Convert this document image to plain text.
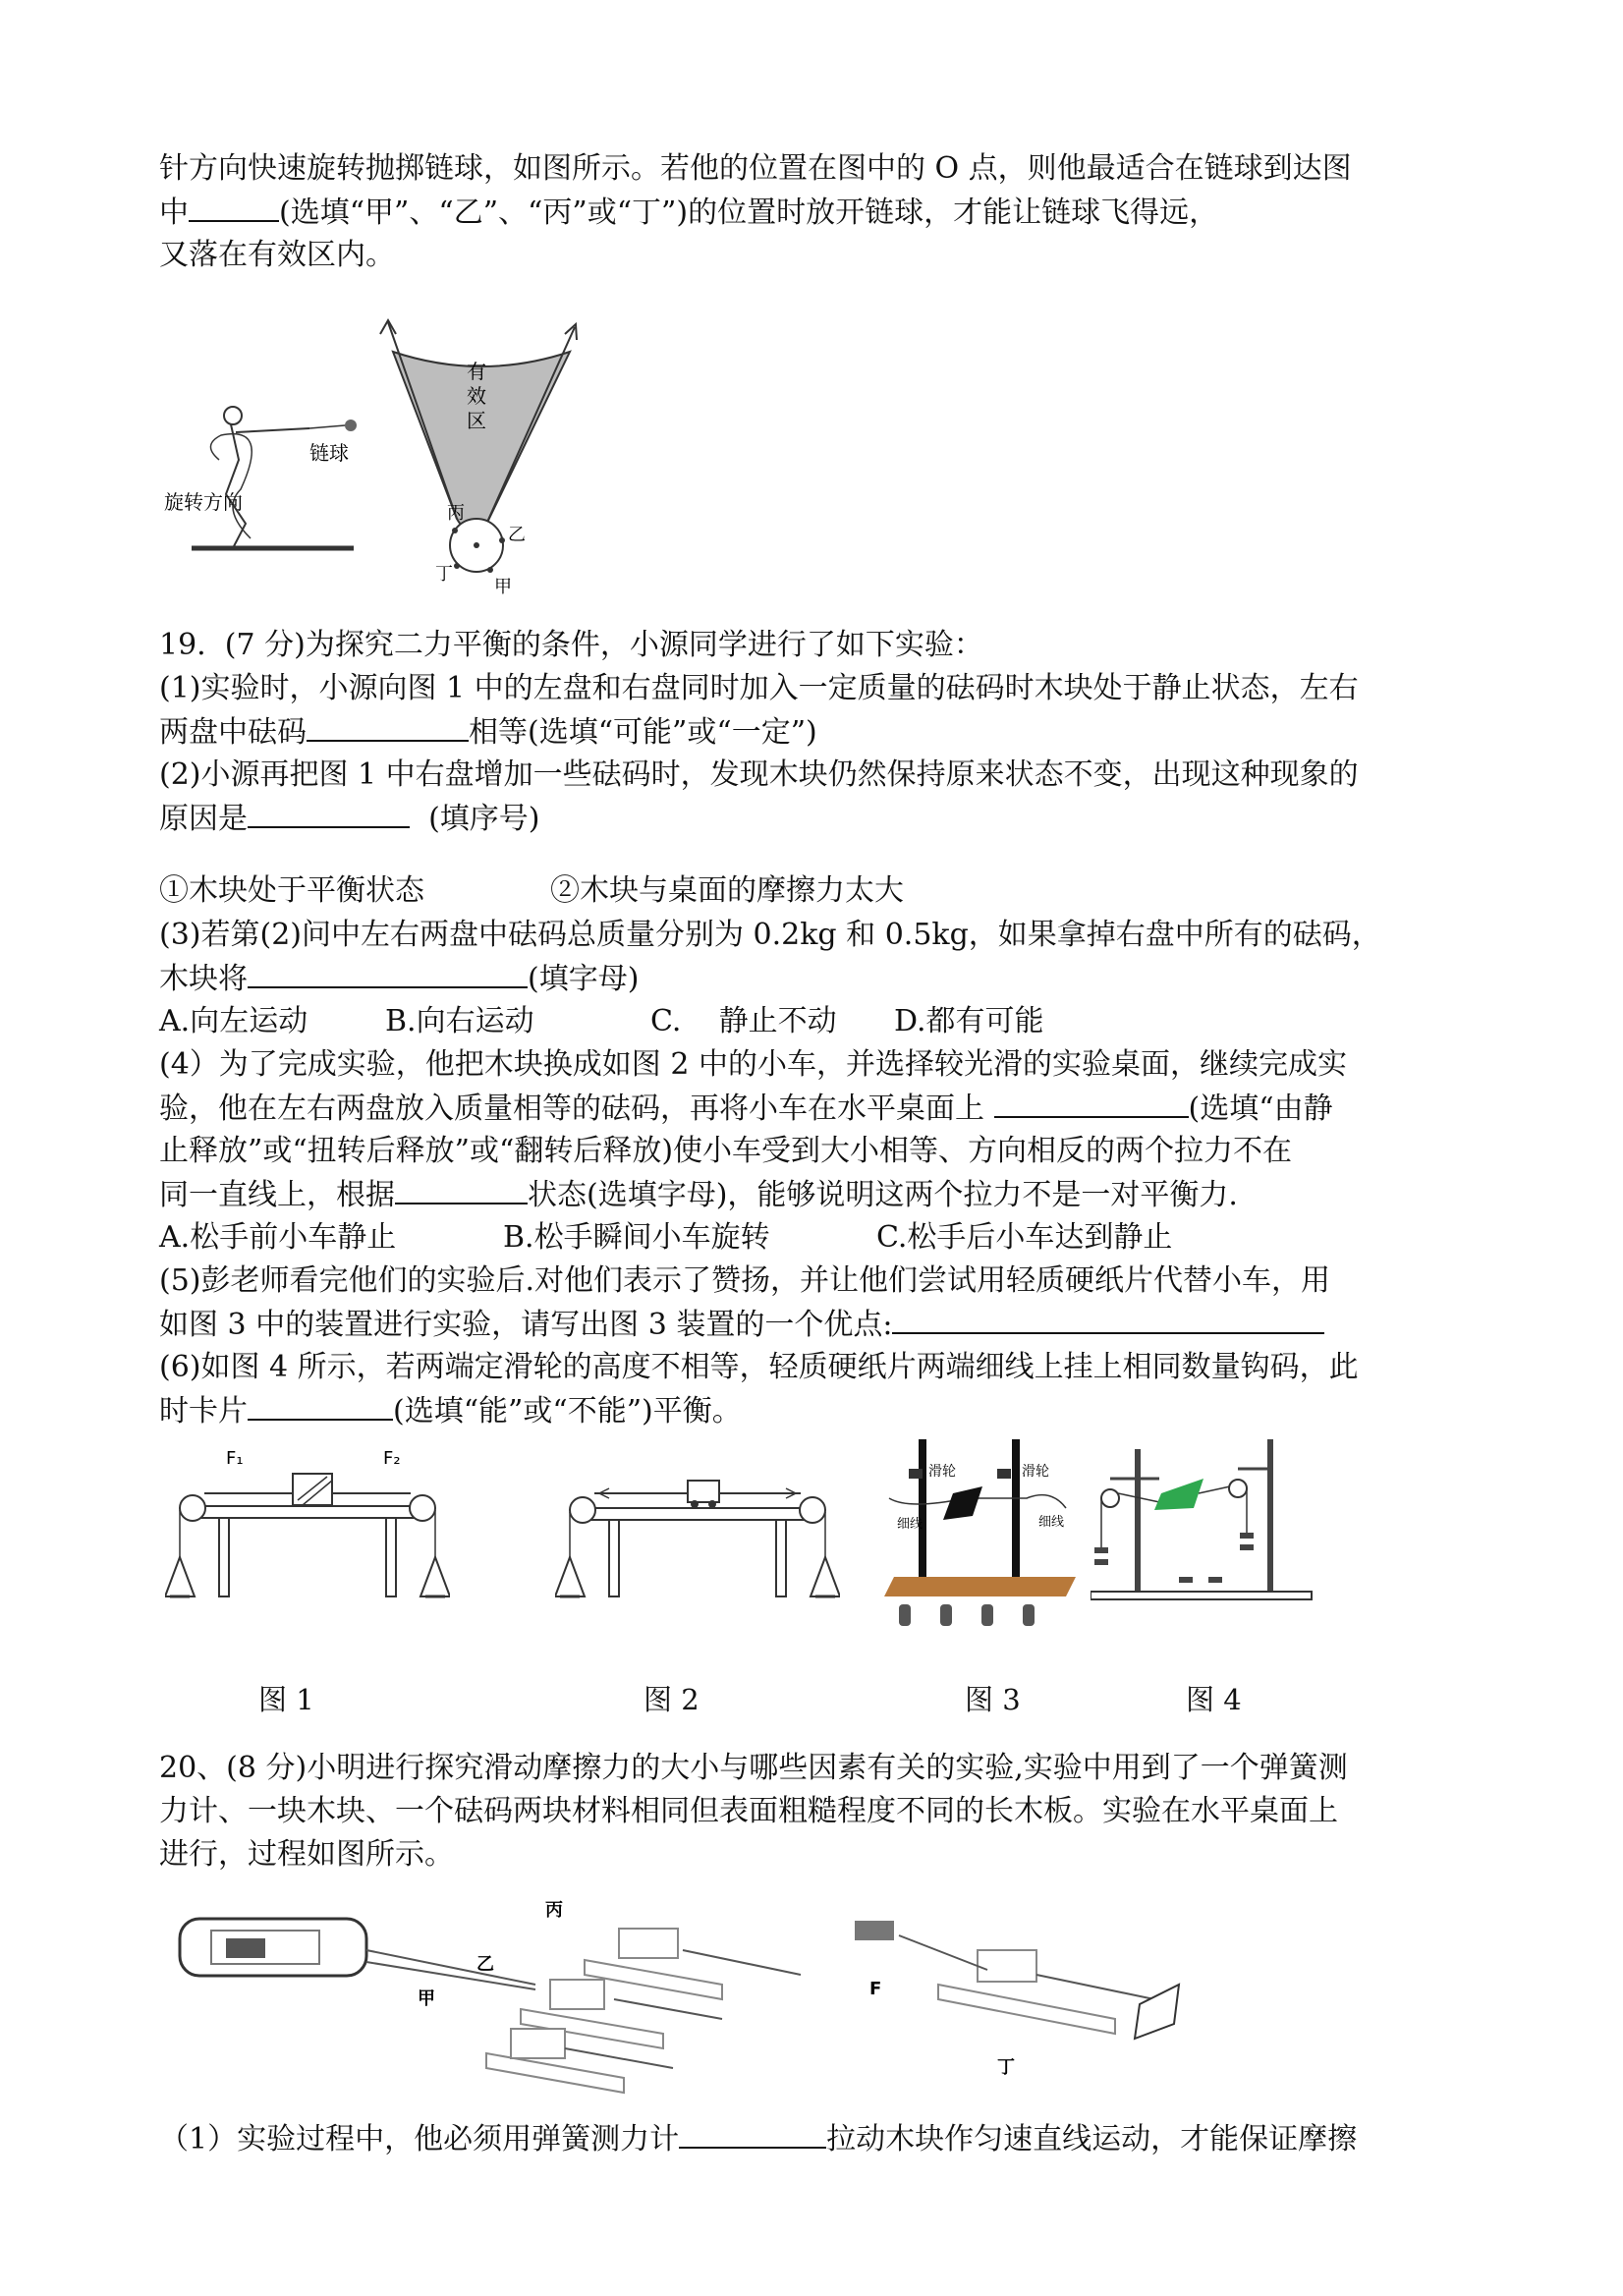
针方向快速旋转抛掷链球，如图所示。若他的位置在图中的 O 点，则他最适合在链球到达图

中	(选填“甲”、“乙”、“丙”或“丁”)的位置时放开链球，才能让链球飞得远，

又落在有效区内。

链球
旋转方向
有
效
区
丙
乙
丁
甲

19.  (7 分)为探究二力平衡的条件，小源同学进行了如下实验：

(1)实验时，小源向图 1 中的左盘和右盘同时加入一定质量的砝码时木块处于静止状态，左右

两盘中砝码	相等(选填“可能”或“一定”)

(2)小源再把图 1 中右盘增加一些砝码时，发现木块仍然保持原来状态不变，出现这种现象的

原因是	(填序号)

①木块处于平衡状态	②木块与桌面的摩擦力太大

(3)若第(2)问中左右两盘中砝码总质量分别为 0.2kg 和 0.5kg，如果拿掉右盘中所有的砝码，

木块将	(填字母)

A.向左运动	B.向右运动	C.    静止不动 D.都有可能

(4）为了完成实验，他把木块换成如图 2 中的小车，并选择较光滑的实验桌面，继续完成实

验，他在左右两盘放入质量相等的砝码，再将小车在水平桌面上	(选填“由静

止释放”或“扭转后释放”或“翻转后释放)使小车受到大小相等、方向相反的两个拉力不在

同一直线上，根据	状态(选填字母)，能够说明这两个拉力不是一对平衡力.

A.松手前小车静止	B.松手瞬间小车旋转	C.松手后小车达到静止

(5)彭老师看完他们的实验后.对他们表示了赞扬，并让他们尝试用轻质硬纸片代替小车，用

如图 3 中的装置进行实验，请写出图 3 装置的一个优点:

(6)如图 4 所示，若两端定滑轮的高度不相等，轻质硬纸片两端细线上挂上相同数量钩码，此

时卡片	(选填“能”或“不能”)平衡。

F₁	F₂
滑轮	滑轮
细线	细线
图 1	图 2	图 3	图 4

20、(8 分)小明进行探究滑动摩擦力的大小与哪些因素有关的实验,实验中用到了一个弹簧测

力计、一块木块、一个砝码两块材料相同但表面粗糙程度不同的长木板。实验在水平桌面上

进行，过程如图所示。

丙
乙
甲	F
丁

（1）实验过程中，他必须用弹簧测力计	拉动木块作匀速直线运动，才能保证摩擦
